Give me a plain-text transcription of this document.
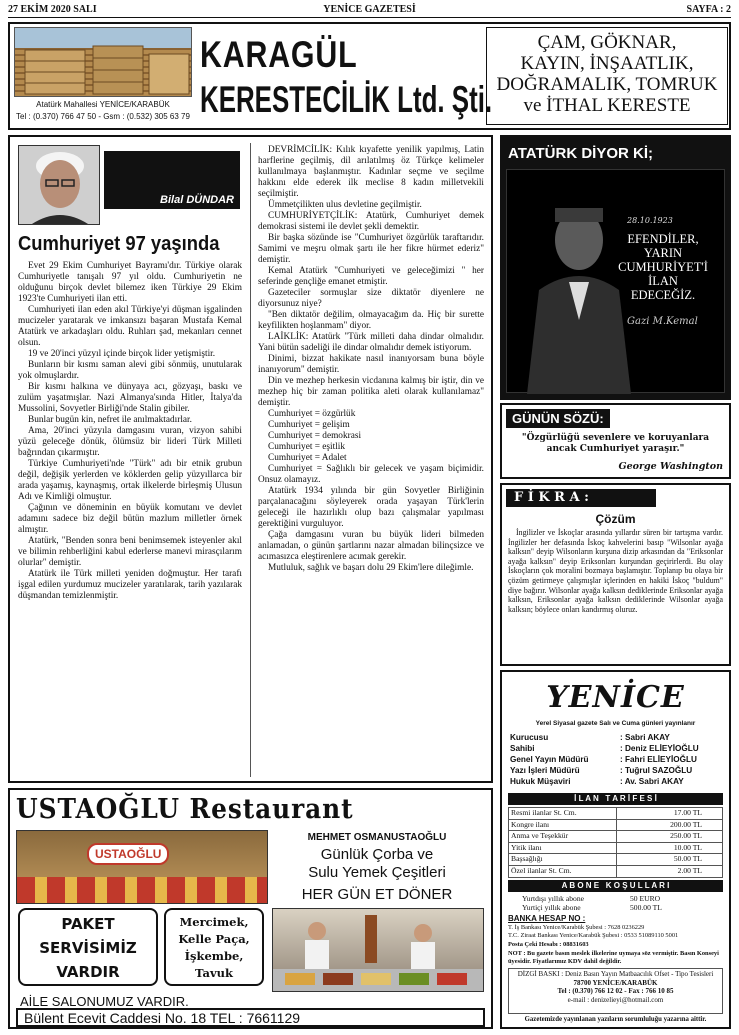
27 EKİM 2020 SALI	YENİCE GAZETESİ	SAYFA : 2
Atatürk Mahallesi YENİCE/KARABÜK
Tel : (0.370) 766 47 50 - Gsm : (0.532) 305 63 79
KARAGÜL
KERESTECİLİK Ltd. Şti.
ÇAM, GÖKNAR,
KAYIN, İNŞAATLIK,
DOĞRAMALIK, TOMRUK
ve İTHAL KERESTE
Bilal DÜNDAR
Cumhuriyet 97 yaşında

Evet 29 Ekim Cumhuriyet Bayramı'dır. Türkiye olarak Cumhuriyetle tanışalı 97 yıl oldu. Cumhuriyetin ne olduğunu birçok devlet bilemez iken Türkiye 29 Ekim 1923'te Cumhuriyeti ilan etti.

Cumhuriyeti ilan eden akıl Türkiye'yi düşman işgalinden mucizeler yaratarak ve imkansızı başaran Mustafa Kemal Atatürk ve arkadaşları oldu. Ruhları şad, mekanları cennet olsun.

19 ve 20'inci yüzyıl içinde birçok lider yetişmiştir.

Bunların bir kısmı saman alevi gibi sönmüş, unutularak yok olmuşlardır.

Bir kısmı halkına ve dünyaya acı, gözyaşı, baskı ve zulüm yaşatmışlar. Nazi Almanya'sında Hitler, İtalya'da Mussolini, Sovyetler Birliği'nde Stalin gibiler.

Bunlar bugün kin, nefret ile anılmaktadırlar.

Ama, 20'inci yüzyıla damgasını vuran, vizyon sahibi yüzü geleceğe dönük, ölümsüz bir lideri Türk Milleti bağrından çıkarmıştır.

Türkiye Cumhuriyeti'nde "Türk" adı bir etnik grubun değil, değişik yerlerden ve köklerden gelip yüzyıllarca bir arada yaşamış, kaynaşmış, ortak ilkelerde birleşmiş Ulusun Adı ve Kimliği olmuştur.

Çağının ve döneminin en büyük komutanı ve devlet adamını sadece biz değil bütün mazlum milletler örnek almıştır.

Atatürk, "Benden sonra beni benimsemek isteyenler akıl ve bilimin rehberliğini kabul ederlerse manevi mirasçılarım olurlar" demiştir.

Atatürk ile Türk milleti yeniden doğmuştur. Her tarafı işgal edilen yurdumuz mucizeler yaratılarak, tarih yazılarak düşmandan temizlenmiştir.

DEVRİMCİLİK: Kılık kıyafette yenilik yapılmış, Latin harflerine geçilmiş, dil arılatılmış öz Türkçe kelimeler kullanılmaya başlanmıştır. Kadınlar seçme ve seçilme hakkını elde ederek ilk meclise 8 kadın milletvekili seçilmiştir.

Ümmetçilikten ulus devletine geçilmiştir.

CUMHURİYETÇİLİK: Atatürk, Cumhuriyet demek demokrasi sistemi ile devlet şekli demektir.

Bir başka sözünde ise "Cumhuriyet özgürlük taraftarıdır. Samimi ve meşru olmak şartı ile her fikre hürmet ederiz" demiştir.

Kemal Atatürk "Cumhuriyeti ve geleceğimizi " her seferinde gençliğe emanet etmiştir.

Gazeteciler sormuşlar size diktatör diyenlere ne diyorsunuz niye?

"Ben diktatör değilim, olmayacağım da. Hiç bir surette keyfilikten hoşlanmam" diyor.

LAİKLİK: Atatürk "Türk milleti daha dindar olmalıdır. Yani bütün sadeliği ile dindar olmalıdır demek istiyorum.

Dinimi, bizzat hakikate nasıl inanıyorsam buna böyle inanıyorum" demiştir.

Din ve mezhep herkesin vicdanına kalmış bir iştir, din ve mezhep hiç bir zaman politika aleti olarak kullanılamaz" demiştir.

Cumhuriyet = özgürlük

Cumhuriyet = gelişim

Cumhuriyet = demokrasi

Cumhuriyet = eşitlik

Cumhuriyet = Adalet

Cumhuriyet = Sağlıklı bir gelecek ve yaşam biçimidir. Onsuz olamayız.

Atatürk 1934 yılında bir gün Sovyetler Birliğinin parçalanacağını söyleyerek orada yaşayan Türk'lerin geleceği ile hazırlıklı olup bazı çalışmalar yapılması gerektiğini vurguluyor.

Çağa damgasını vuran bu büyük lideri bilmeden anlamadan, o günün şartlarını nazar almadan bilinçsizce ve acımasızca eleştirenlere acımak gerekir.

Mutluluk, sağlık ve başarı dolu 29 Ekim'lere dileğimle.

ATATÜRK DİYOR Kİ;
28.10.1923
EFENDİLER,
YARIN
CUMHURİYET'İ
İLAN
EDECEĞİZ.
Gazi M.Kemal
GÜNÜN SÖZÜ:
"Özgürlüğü sevenlere ve koruyanlara ancak Cumhuriyet yaraşır."
George Washington
F İ K R A :
Çözüm
İngilizler ve İskoçlar arasında yıllardır süren bir tartışma vardır. İngilizler her defasında İskoç kahvelerini basıp "Wilsonlar ayağa kalksın" deyip Wilsonların kurşuna dizip arkasından da "Eriksonlar ayağa kalksın" deyip Eriksonları kurşundan geçirirlerdi. Bu olay İskoçların çok moralini bozmaya başlamıştır. Toplanıp bu olaya bir çözüm getirmeye çalışmışlar içlerinden en hakiki İskoç "buldum" diye bağırır. Wilsonlar ayağa kalksın dediklerinde Eriksonlar ayağa kalksın, Eriksonlar ayağa kalksın dediklerinde Wilsonlar ayağa kalksın; böylece onları kandırmış oluruz.
YENİCE
Yerel Siyasal gazete Salı ve Cuma günleri yayınlanır
Kurucusu	: Sabri AKAY
Sahibi	: Deniz ELİEYİOĞLU
Genel Yayın Müdürü	: Fahri ELİEYİOĞLU
Yazı İşleri Müdürü	: Tuğrul SAZOĞLU
Hukuk Müşaviri	: Av. Sabri AKAY
İ L A N   T A R İ F E S İ
Resmi ilanlar St. Cm.	17.00 TL
Kongre ilanı	200.00 TL
Anma ve Teşekkür	250.00 TL
Yitik ilanı	10.00 TL
Başsağlığı	50.00 TL
Özel ilanlar St. Cm.	2.00 TL
A B O N E   K O Ş U L L A R I
Yurtdışı yıllık abone	50 EURO
Yurtiçi yıllık abone	500.00 TL
BANKA HESAP NO :
T. İş Bankası Yenice/Karabük Şubesi : 7628 0236229
T.C. Ziraat Bankası Yenice/Karabük Şubesi : 0533 51089110 5001
Posta Çeki Hesabı : 08831603
NOT : Bu gazete basın meslek ilkelerine uymaya söz vermiştir. Basın Konseyi üyesidir. Fiyatlarımız KDV dahil değildir.
DİZGİ BASKI : Deniz Basın Yayın Matbaacılık Ofset - Tipo Tesisleri
78700 YENİCE/KARABÜK
Tel : (0.370) 766 12 02 - Fax : 766 10 85
e-mail : denizelieyi@hotmail.com
Gazetemizde yayınlanan yazıların sorumluluğu yazarına aittir.
USTAOĞLU Restaurant
USTAOĞLU
MEHMET OSMANUSTAOĞLU
Günlük Çorba ve
Sulu Yemek Çeşitleri
HER GÜN ET DÖNER
PAKET
SERVİSİMİZ
VARDIR
Mercimek,
Kelle Paça,
İşkembe,
Tavuk
AİLE SALONUMUZ VARDIR.
Bülent Ecevit Caddesi No. 18 TEL : 7661129
